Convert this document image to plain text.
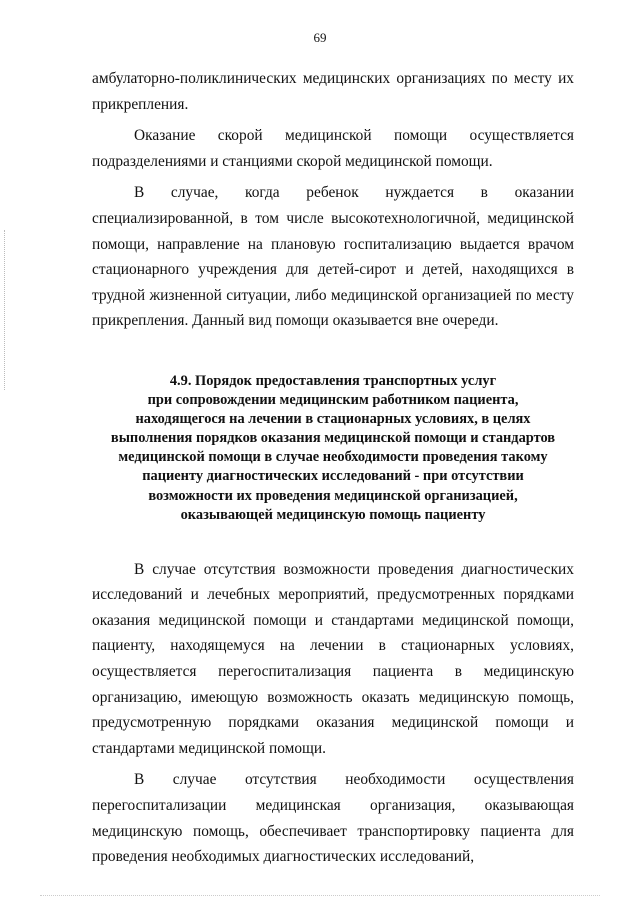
69

амбулаторно-поликлинических медицинских организациях по месту их прикрепления.

Оказание скорой медицинской помощи осуществляется подразделениями и станциями скорой медицинской помощи.

В случае, когда ребенок нуждается в оказании специализированной, в том числе высокотехнологичной, медицинской помощи, направление на плановую госпитализацию выдается врачом стационарного учреждения для детей-сирот и детей, находящихся в трудной жизненной ситуации, либо медицинской организацией по месту прикрепления. Данный вид помощи оказывается вне очереди.

4.9. Порядок предоставления транспортных услуг
при сопровождении медицинским работником пациента,
находящегося на лечении в стационарных условиях, в целях
выполнения порядков оказания медицинской помощи и стандартов
медицинской помощи в случае необходимости проведения такому
пациенту диагностических исследований - при отсутствии
возможности их проведения медицинской организацией,
оказывающей медицинскую помощь пациенту

В случае отсутствия возможности проведения диагностических исследований и лечебных мероприятий, предусмотренных порядками оказания медицинской помощи и стандартами медицинской помощи, пациенту, находящемуся на лечении в стационарных условиях, осуществляется перегоспитализация пациента в медицинскую организацию, имеющую возможность оказать медицинскую помощь, предусмотренную порядками оказания медицинской помощи и стандартами медицинской помощи.

В случае отсутствия необходимости осуществления перегоспитализации медицинская организация, оказывающая медицинскую помощь, обеспечивает транспортировку пациента для проведения необходимых диагностических исследований,
